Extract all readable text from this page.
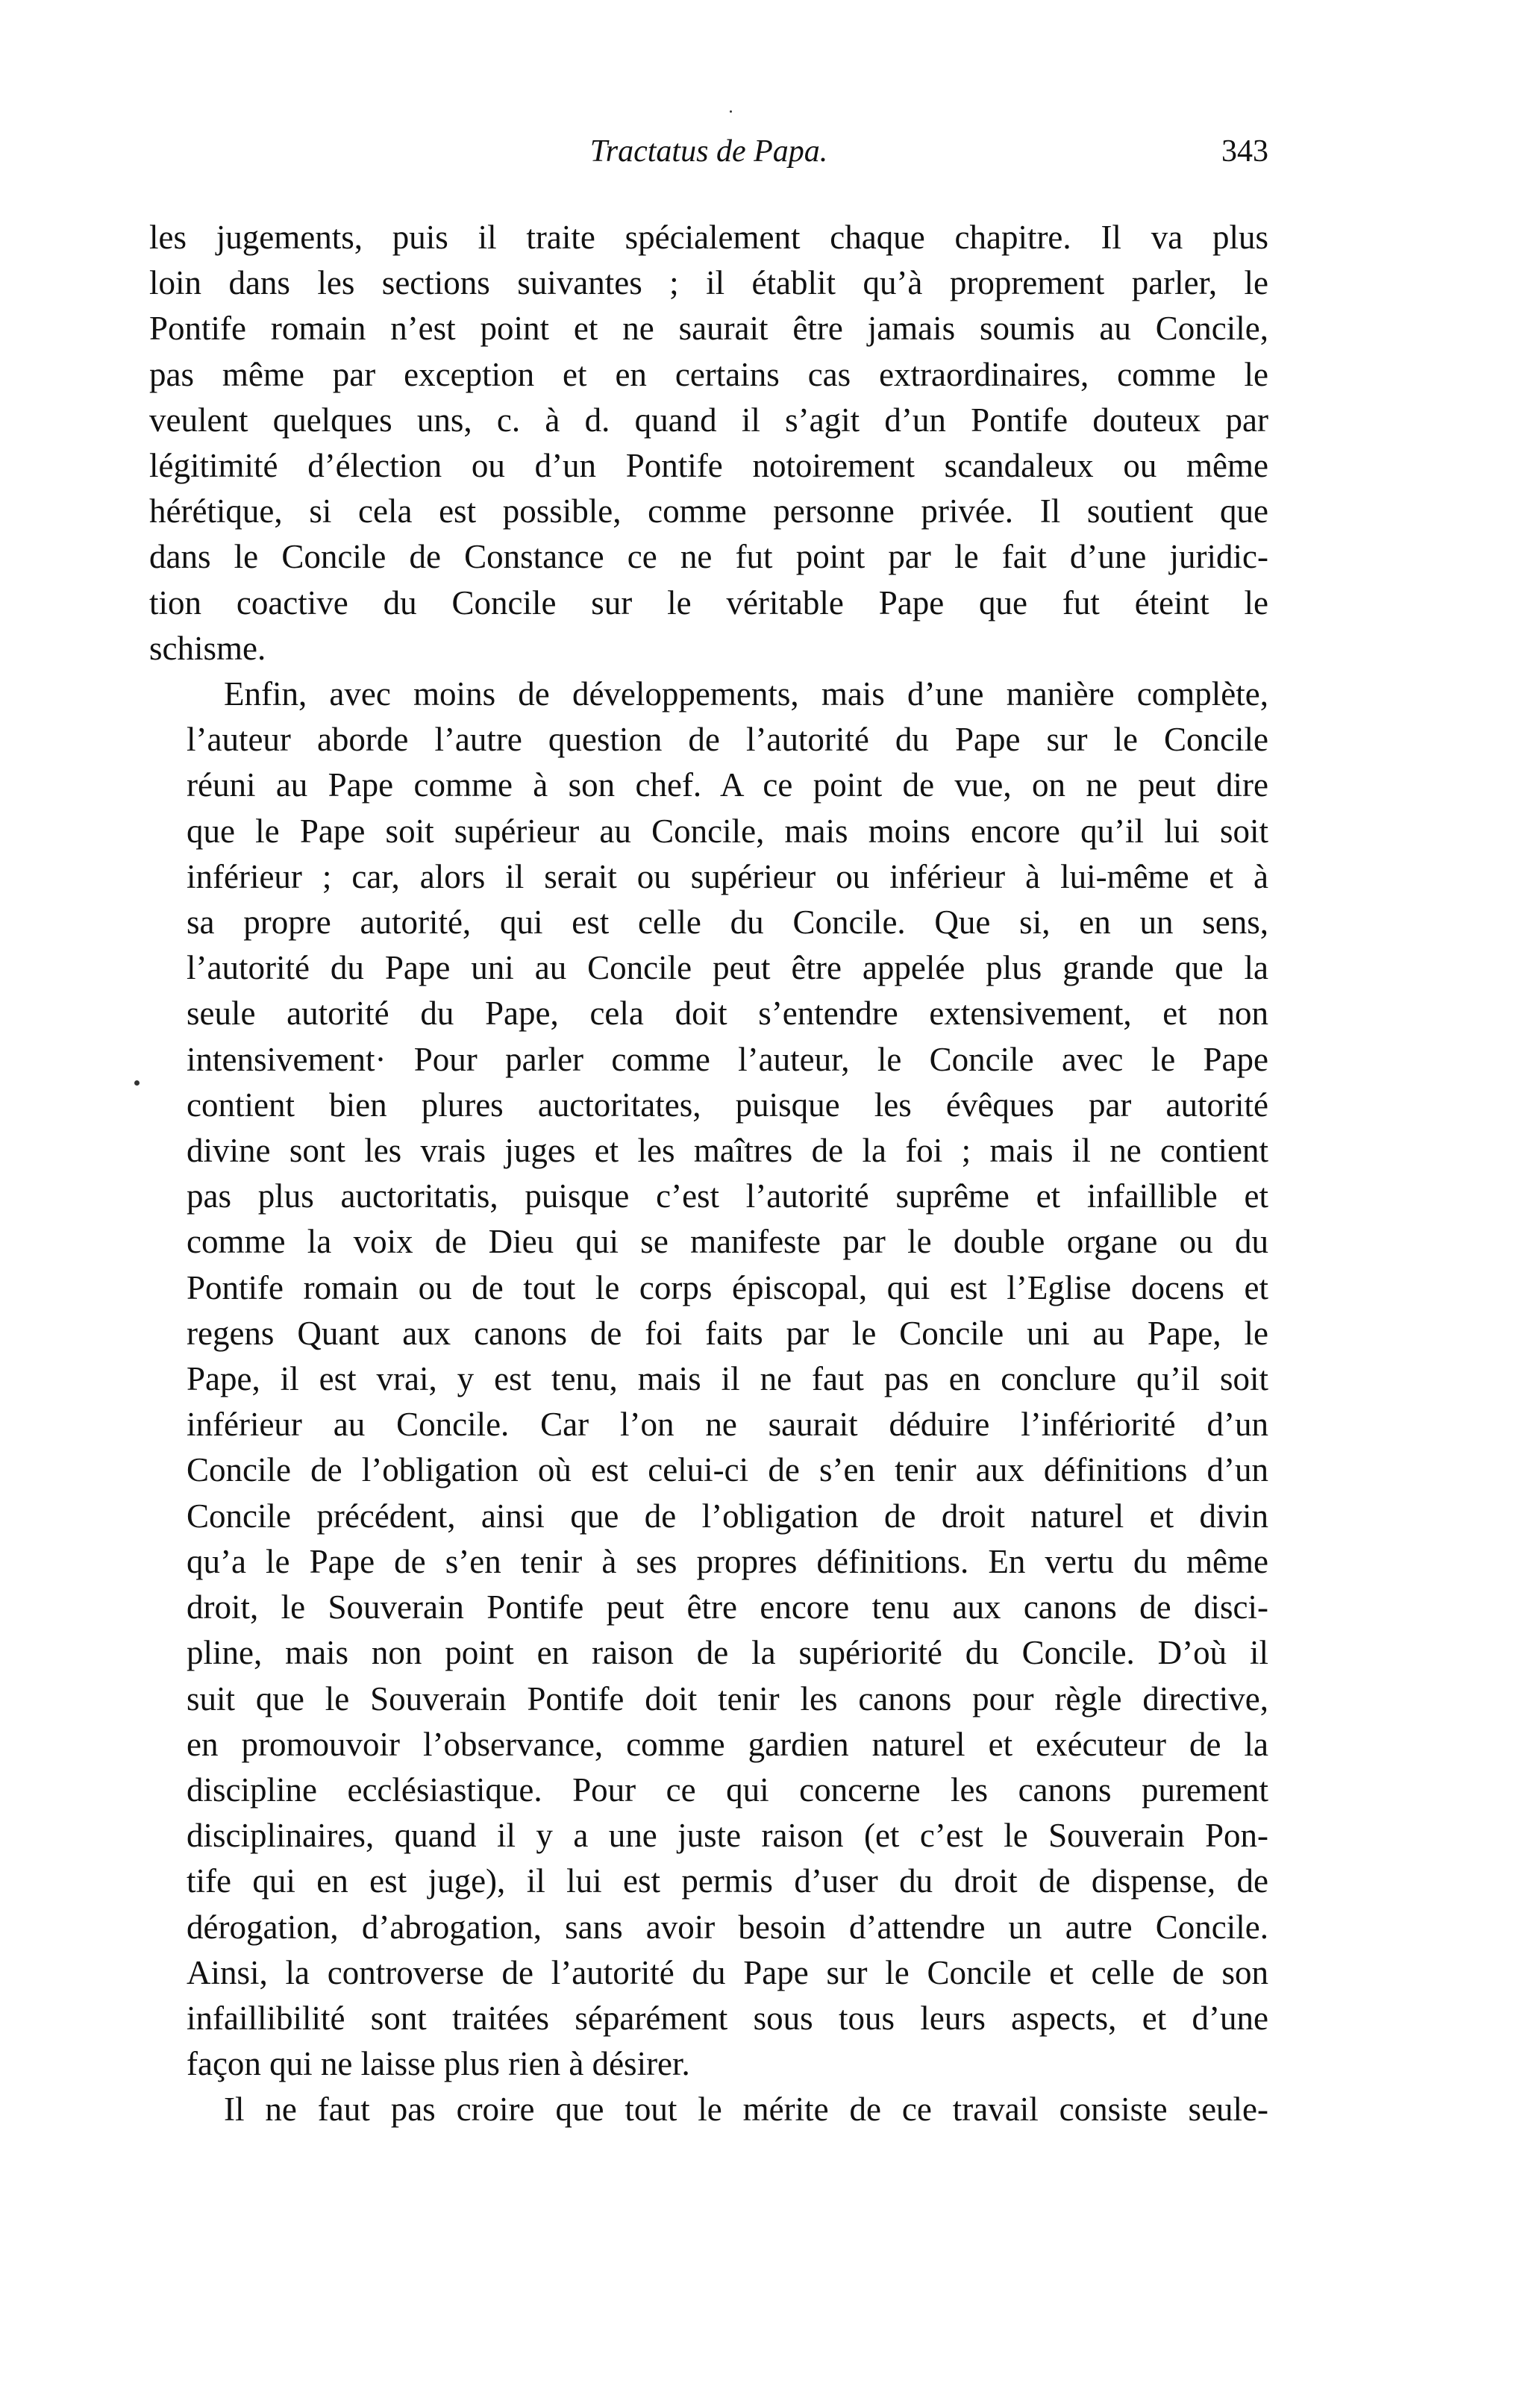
Tractatus de Papa.	343

les jugements, puis il traite spécialement chaque chapitre. Il va plus
loin dans les sections suivantes ; il établit qu’à proprement parler, le
Pontife romain n’est point et ne saurait être jamais soumis au Concile,
pas même par exception et en certains cas extraordinaires, comme le
veulent quelques uns, c. à d. quand il s’agit d’un Pontife douteux par
légitimité d’élection ou d’un Pontife notoirement scandaleux ou même
hérétique, si cela est possible, comme personne privée. Il soutient que
dans le Concile de Constance ce ne fut point par le fait d’une juridic-
tion coactive du Concile sur le véritable Pape que fut éteint le
schisme.

Enfin, avec moins de développements, mais d’une manière complète,
l’auteur aborde l’autre question de l’autorité du Pape sur le Concile
réuni au Pape comme à son chef. A ce point de vue, on ne peut dire
que le Pape soit supérieur au Concile, mais moins encore qu’il lui soit
inférieur ; car, alors il serait ou supérieur ou inférieur à lui-même et à
sa propre autorité, qui est celle du Concile. Que si, en un sens,
l’autorité du Pape uni au Concile peut être appelée plus grande que la
seule autorité du Pape, cela doit s’entendre extensivement, et non
intensivement· Pour parler comme l’auteur, le Concile avec le Pape
contient bien plures auctoritates, puisque les évêques par autorité
divine sont les vrais juges et les maîtres de la foi ; mais il ne contient
pas plus auctoritatis, puisque c’est l’autorité suprême et infaillible et
comme la voix de Dieu qui se manifeste par le double organe ou du
Pontife romain ou de tout le corps épiscopal, qui est l’Eglise docens et
regens Quant aux canons de foi faits par le Concile uni au Pape, le
Pape, il est vrai, y est tenu, mais il ne faut pas en conclure qu’il soit
inférieur au Concile. Car l’on ne saurait déduire l’infériorité d’un
Concile de l’obligation où est celui-ci de s’en tenir aux définitions d’un
Concile précédent, ainsi que de l’obligation de droit naturel et divin
qu’a le Pape de s’en tenir à ses propres définitions. En vertu du même
droit, le Souverain Pontife peut être encore tenu aux canons de disci-
pline, mais non point en raison de la supériorité du Concile. D’où il
suit que le Souverain Pontife doit tenir les canons pour règle directive,
en promouvoir l’observance, comme gardien naturel et exécuteur de la
discipline ecclésiastique. Pour ce qui concerne les canons purement
disciplinaires, quand il y a une juste raison (et c’est le Souverain Pon-
tife qui en est juge), il lui est permis d’user du droit de dispense, de
dérogation, d’abrogation, sans avoir besoin d’attendre un autre Concile.
Ainsi, la controverse de l’autorité du Pape sur le Concile et celle de son
infaillibilité sont traitées séparément sous tous leurs aspects, et d’une
façon qui ne laisse plus rien à désirer.

Il ne faut pas croire que tout le mérite de ce travail consiste seule-
